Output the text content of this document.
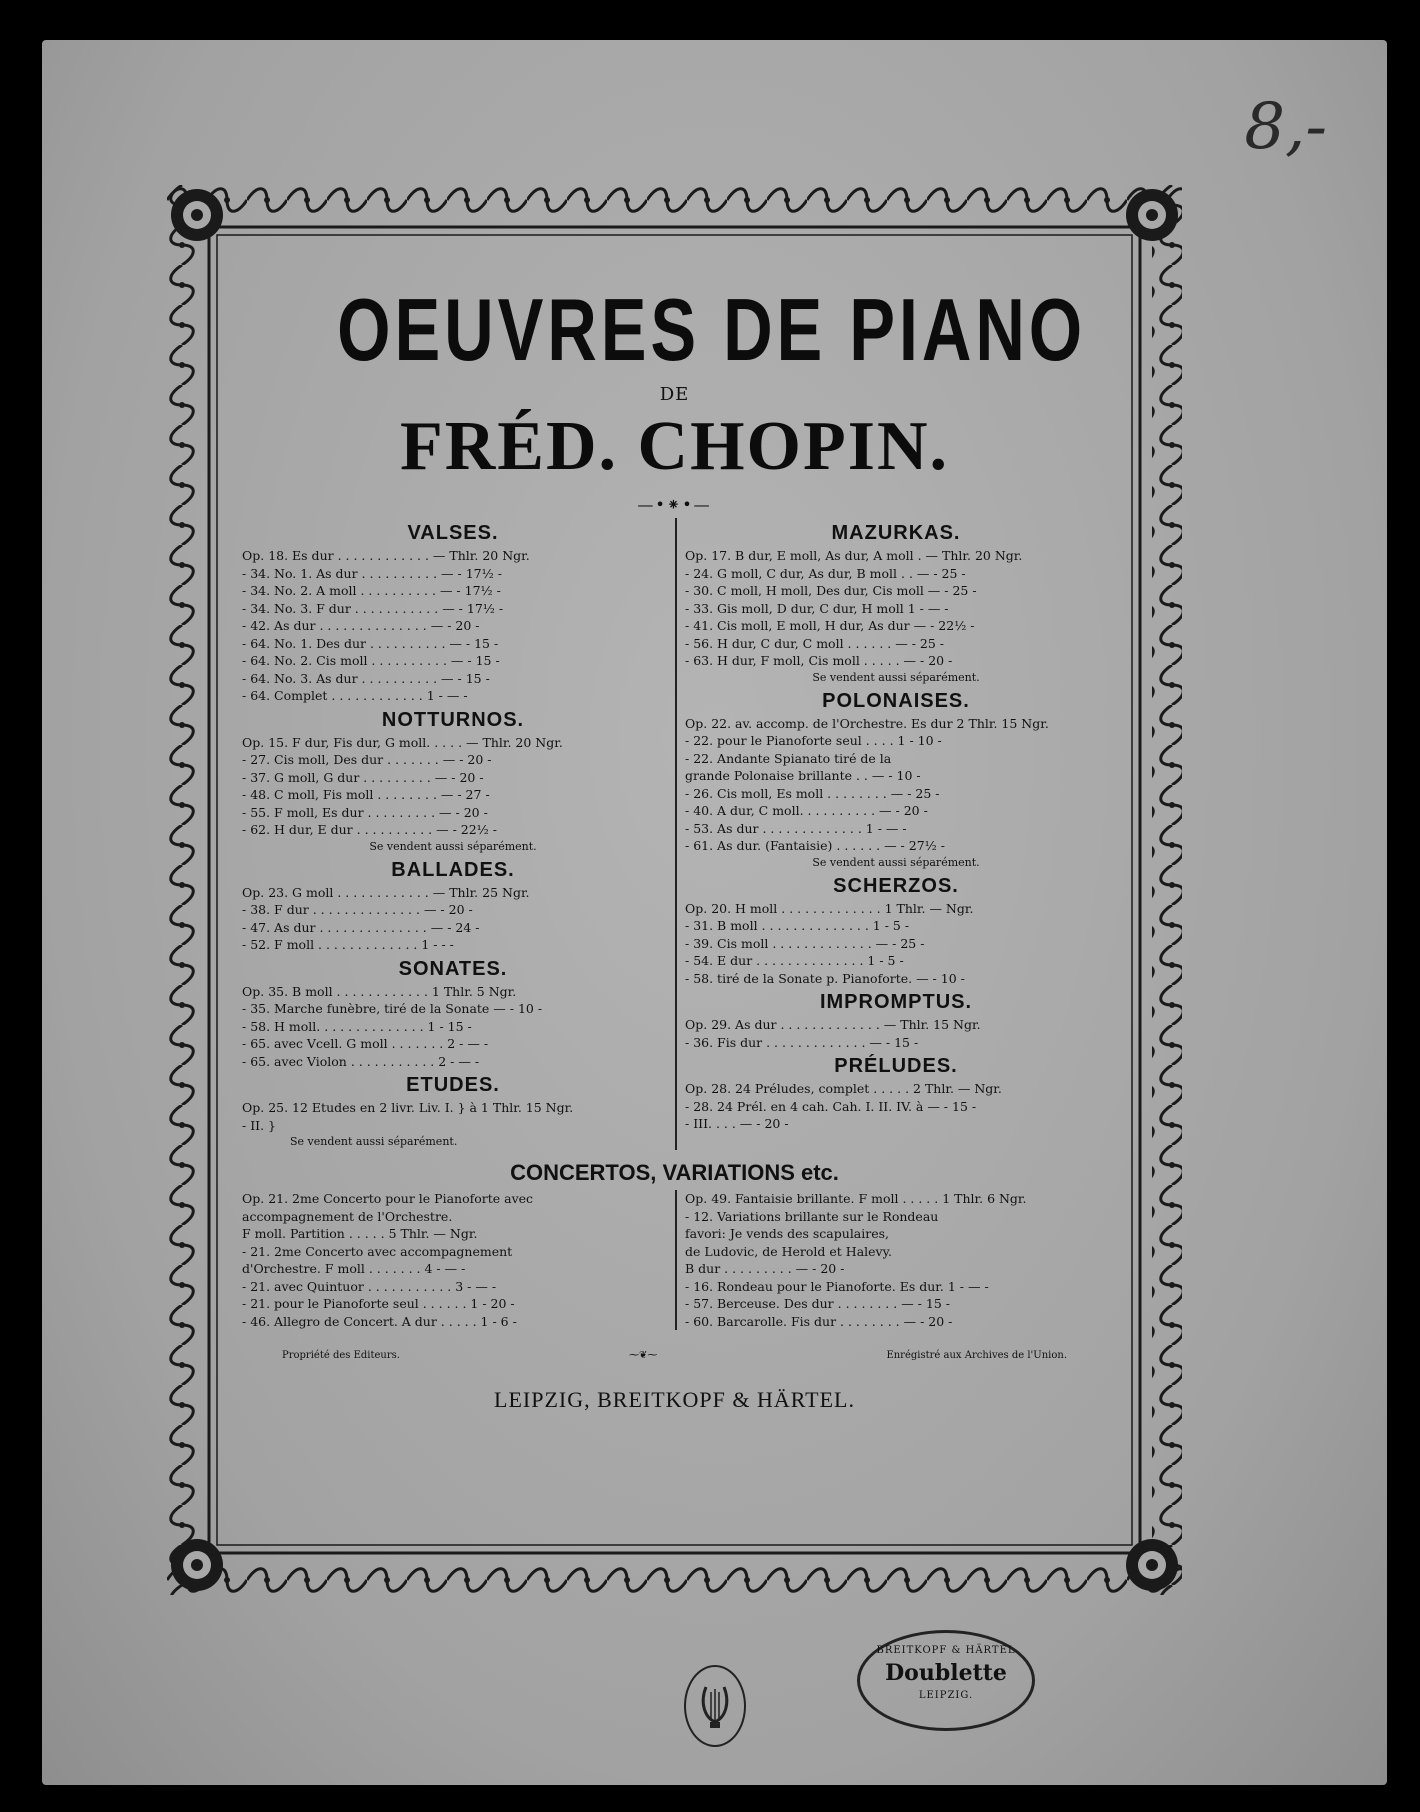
8,-
OEUVRES DE PIANO
DE
FRÉD. CHOPIN.
—•⁕•—
VALSES.
Op. 18. Es dur . . . . . . . . . . . . — Thlr. 20 Ngr.
- 34. No. 1. As dur . . . . . . . . . . — - 17½ -
- 34. No. 2. A moll . . . . . . . . . . — - 17½ -
- 34. No. 3. F dur . . . . . . . . . . . — - 17½ -
- 42. As dur . . . . . . . . . . . . . . — - 20 -
- 64. No. 1. Des dur . . . . . . . . . . — - 15 -
- 64. No. 2. Cis moll . . . . . . . . . . — - 15 -
- 64. No. 3. As dur . . . . . . . . . . — - 15 -
- 64. Complet . . . . . . . . . . . . 1 - — -
NOTTURNOS.
Op. 15. F dur, Fis dur, G moll. . . . . — Thlr. 20 Ngr.
- 27. Cis moll, Des dur . . . . . . . — - 20 -
- 37. G moll, G dur . . . . . . . . . — - 20 -
- 48. C moll, Fis moll . . . . . . . . — - 27 -
- 55. F moll, Es dur . . . . . . . . . — - 20 -
- 62. H dur, E dur . . . . . . . . . . — - 22½ -
Se vendent aussi séparément.
BALLADES.
Op. 23. G moll . . . . . . . . . . . . — Thlr. 25 Ngr.
- 38. F dur . . . . . . . . . . . . . . — - 20 -
- 47. As dur . . . . . . . . . . . . . . — - 24 -
- 52. F moll . . . . . . . . . . . . . 1 - - -
SONATES.
Op. 35. B moll . . . . . . . . . . . . 1 Thlr. 5 Ngr.
- 35. Marche funèbre, tiré de la Sonate — - 10 -
- 58. H moll. . . . . . . . . . . . . . 1 - 15 -
- 65. avec Vcell. G moll . . . . . . . 2 - — -
- 65. avec Violon . . . . . . . . . . . 2 - — -
ETUDES.
Op. 25. 12 Etudes en 2 livr. Liv. I. } à 1 Thlr. 15 Ngr.
- II. }
Se vendent aussi séparément.
MAZURKAS.
Op. 17. B dur, E moll, As dur, A moll . — Thlr. 20 Ngr.
- 24. G moll, C dur, As dur, B moll . . — - 25 -
- 30. C moll, H moll, Des dur, Cis moll — - 25 -
- 33. Gis moll, D dur, C dur, H moll 1 - — -
- 41. Cis moll, E moll, H dur, As dur — - 22½ -
- 56. H dur, C dur, C moll . . . . . . — - 25 -
- 63. H dur, F moll, Cis moll . . . . . — - 20 -
Se vendent aussi séparément.
POLONAISES.
Op. 22. av. accomp. de l'Orchestre. Es dur 2 Thlr. 15 Ngr.
- 22. pour le Pianoforte seul . . . . 1 - 10 -
- 22. Andante Spianato tiré de la
grande Polonaise brillante . . — - 10 -
- 26. Cis moll, Es moll . . . . . . . . — - 25 -
- 40. A dur, C moll. . . . . . . . . . — - 20 -
- 53. As dur . . . . . . . . . . . . . 1 - — -
- 61. As dur. (Fantaisie) . . . . . . — - 27½ -
Se vendent aussi séparément.
SCHERZOS.
Op. 20. H moll . . . . . . . . . . . . . 1 Thlr. — Ngr.
- 31. B moll . . . . . . . . . . . . . . 1 - 5 -
- 39. Cis moll . . . . . . . . . . . . . — - 25 -
- 54. E dur . . . . . . . . . . . . . . 1 - 5 -
- 58. tiré de la Sonate p. Pianoforte. — - 10 -
IMPROMPTUS.
Op. 29. As dur . . . . . . . . . . . . . — Thlr. 15 Ngr.
- 36. Fis dur . . . . . . . . . . . . . — - 15 -
PRÉLUDES.
Op. 28. 24 Préludes, complet . . . . . 2 Thlr. — Ngr.
- 28. 24 Prél. en 4 cah. Cah. I. II. IV. à — - 15 -
- III. . . . — - 20 -
CONCERTOS, VARIATIONS etc.
Op. 21. 2me Concerto pour le Pianoforte avec
accompagnement de l'Orchestre.
F moll. Partition . . . . . 5 Thlr. — Ngr.
- 21. 2me Concerto avec accompagnement
d'Orchestre. F moll . . . . . . . 4 - — -
- 21. avec Quintuor . . . . . . . . . . . 3 - — -
- 21. pour le Pianoforte seul . . . . . . 1 - 20 -
- 46. Allegro de Concert. A dur . . . . . 1 - 6 -
Op. 49. Fantaisie brillante. F moll . . . . . 1 Thlr. 6 Ngr.
- 12. Variations brillante sur le Rondeau
favori: Je vends des scapulaires,
de Ludovic, de Herold et Halevy.
B dur . . . . . . . . . — - 20 -
- 16. Rondeau pour le Pianoforte. Es dur. 1 - — -
- 57. Berceuse. Des dur . . . . . . . . — - 15 -
- 60. Barcarolle. Fis dur . . . . . . . . — - 20 -
Propriété des Editeurs.	⁓❦⁓	Enrégistré aux Archives de l'Union.
LEIPZIG, BREITKOPF & HÄRTEL.
BREITKOPF & HÄRTEL
Doublette
LEIPZIG.
